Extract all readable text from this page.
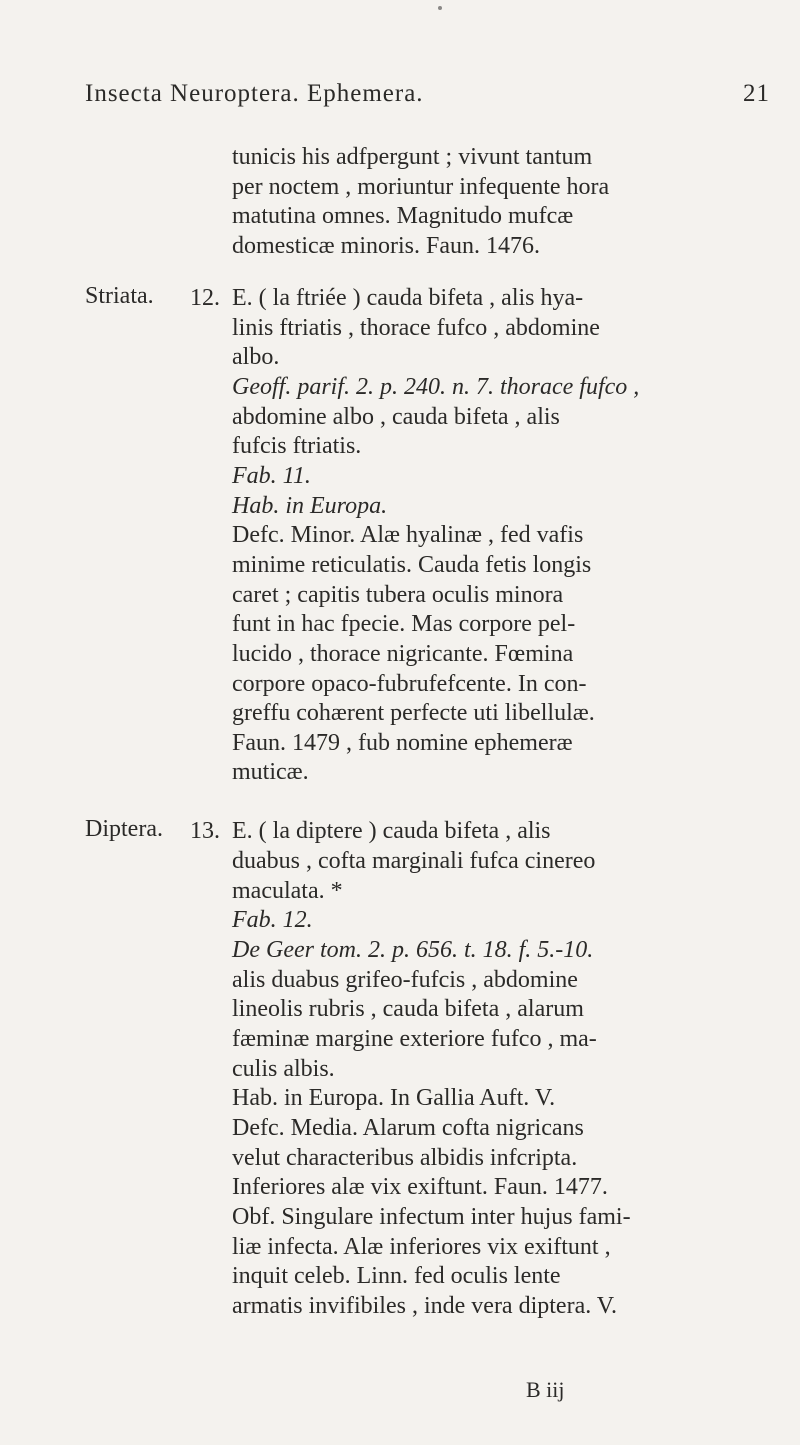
Insecta Neuroptera. Ephemera.	21
tunicis his adfpergunt ; vivunt tantum
per noctem , moriuntur infequente hora
matutina omnes. Magnitudo mufcæ
domesticæ minoris. Faun. 1476.
Striata. 12. E. ( la ftriée ) cauda bifeta , alis hya-
linis ftriatis , thorace fufco , abdomine
albo.
Geoff. parif. 2. p. 240. n. 7. thorace fufco ,
abdomine albo , cauda bifeta , alis
fufcis ftriatis.
Fab. 11.
Hab. in Europa.
Defc. Minor. Alæ hyalinæ , fed vafis
minime reticulatis. Cauda fetis longis
caret ; capitis tubera oculis minora
funt in hac fpecie. Mas corpore pel-
lucido , thorace nigricante. Fœmina
corpore opaco-fubrufefcente. In con-
greffu cohærent perfecte uti libellulæ.
Faun. 1479 , fub nomine ephemeræ
muticæ.
Diptera. 13. E. ( la diptere ) cauda bifeta , alis
duabus , cofta marginali fufca cinereo
maculata. *
Fab. 12.
De Geer tom. 2. p. 656. t. 18. f. 5.-10.
alis duabus grifeo-fufcis , abdomine
lineolis rubris , cauda bifeta , alarum
fæminæ margine exteriore fufco , ma-
culis albis.
Hab. in Europa. In Gallia Auft. V.
Defc. Media. Alarum cofta nigricans
velut characteribus albidis infcripta.
Inferiores alæ vix exiftunt. Faun. 1477.
Obf. Singulare infectum inter hujus fami-
liæ infecta. Alæ inferiores vix exiftunt ,
inquit celeb. Linn. fed oculis lente
armatis invifibiles , inde vera diptera. V.
B iij
